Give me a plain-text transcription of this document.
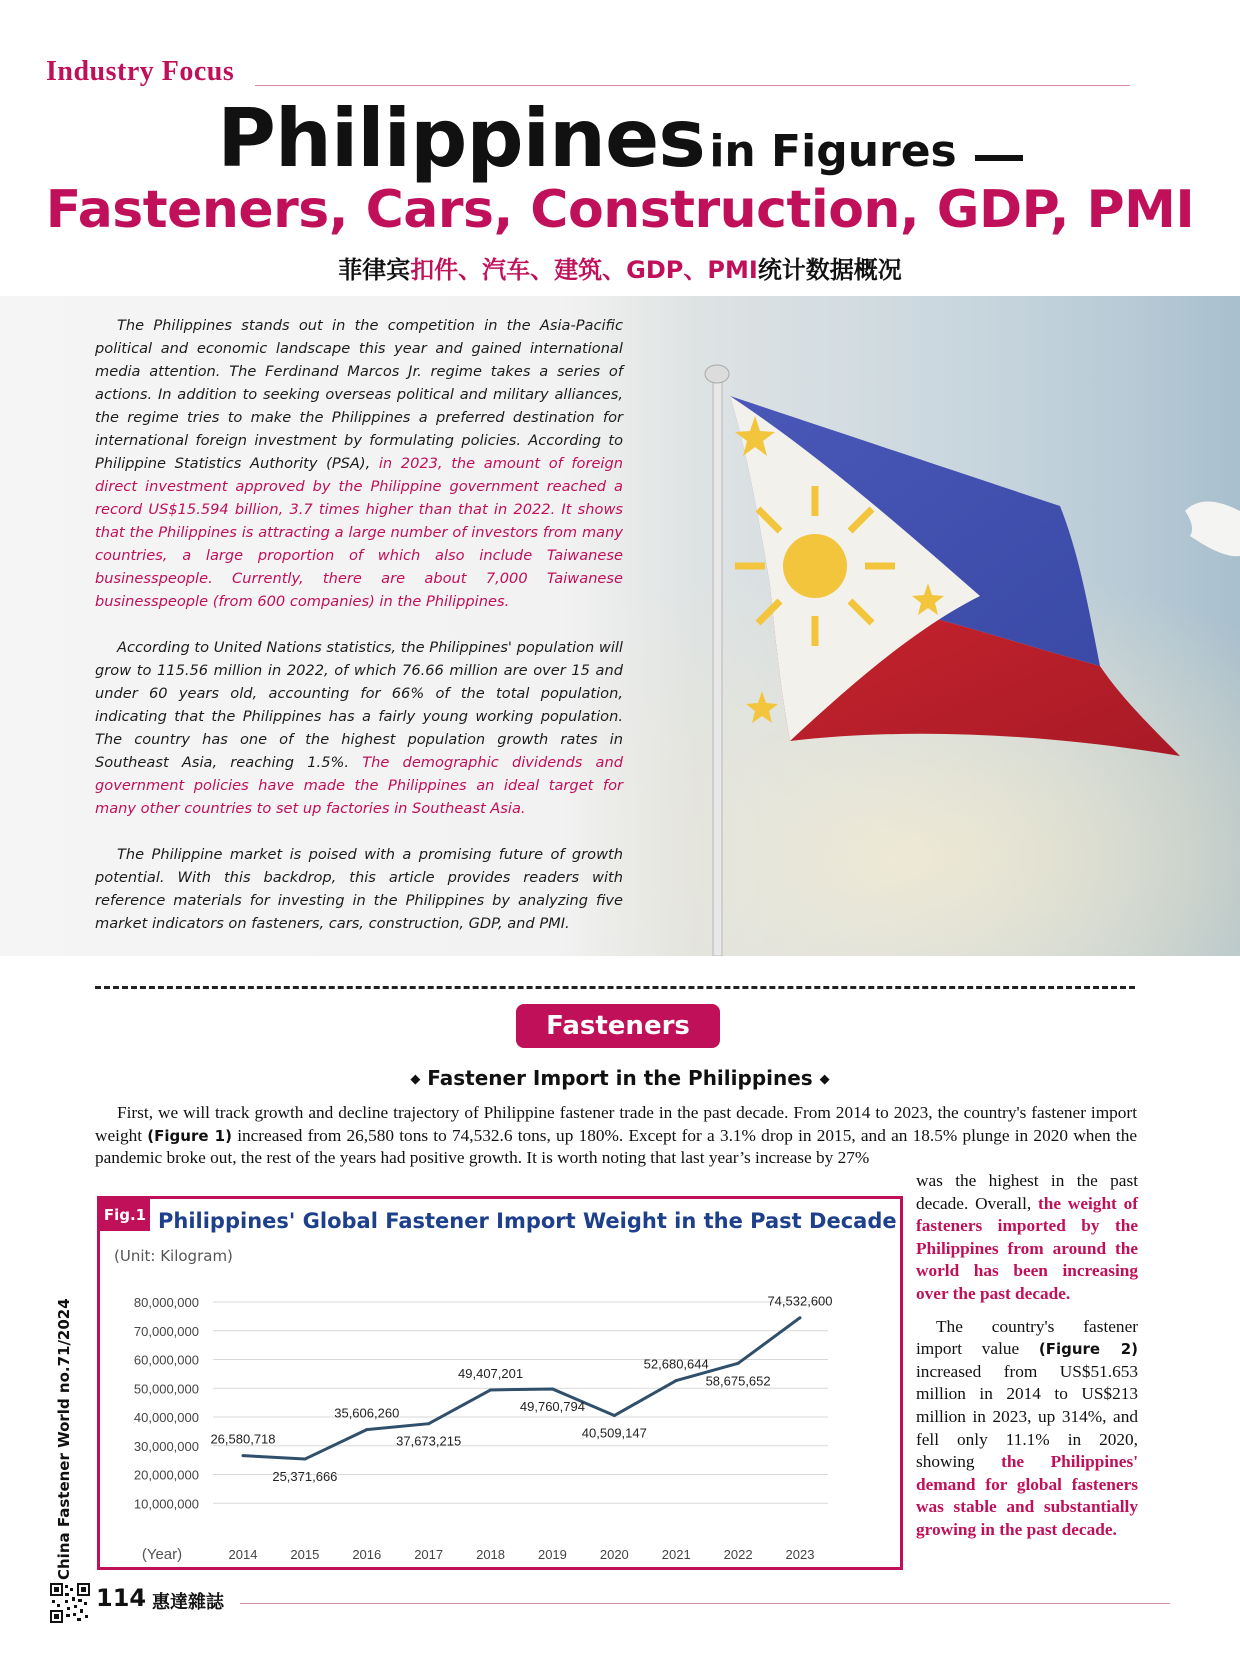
Industry Focus
Philippines in Figures
Fasteners, Cars, Construction, GDP, PMI
菲律宾扣件、汽车、建筑、GDP、PMI统计数据概况

The Philippines stands out in the competition in the Asia-Pacific political and economic landscape this year and gained international media attention. The Ferdinand Marcos Jr. regime takes a series of actions. In addition to seeking overseas political and military alliances, the regime tries to make the Philippines a preferred destination for international foreign investment by formulating policies. According to Philippine Statistics Authority (PSA), in 2023, the amount of foreign direct investment approved by the Philippine government reached a record US$15.594 billion, 3.7 times higher than that in 2022. It shows that the Philippines is attracting a large number of investors from many countries, a large proportion of which also include Taiwanese businesspeople. Currently, there are about 7,000 Taiwanese businesspeople (from 600 companies) in the Philippines.

According to United Nations statistics, the Philippines' population will grow to 115.56 million in 2022, of which 76.66 million are over 15 and under 60 years old, accounting for 66% of the total population, indicating that the Philippines has a fairly young working population. The country has one of the highest population growth rates in Southeast Asia, reaching 1.5%. The demographic dividends and government policies have made the Philippines an ideal target for many other countries to set up factories in Southeast Asia.

The Philippine market is poised with a promising future of growth potential. With this backdrop, this article provides readers with reference materials for investing in the Philippines by analyzing five market indicators on fasteners, cars, construction, GDP, and PMI.

Fasteners
◆ Fastener Import in the Philippines ◆

First, we will track growth and decline trajectory of Philippine fastener trade in the past decade. From 2014 to 2023, the country's fastener import weight (Figure 1) increased from 26,580 tons to 74,532.6 tons, up 180%. Except for a 3.1% drop in 2015, and an 18.5% plunge in 2020 when the pandemic broke out, the rest of the years had positive growth. It is worth noting that last year’s increase by 27%

was the highest in the past decade. Overall, the weight of fasteners imported by the Philippines from around the world has been increasing over the past decade.

The country's fastener import value (Figure 2) increased from US$51.653 million in 2014 to US$213 million in 2023, up 314%, and fell only 11.1% in 2020, showing the Philippines' demand for global fasteners was stable and substantially growing in the past decade.

Fig.1 Philippines' Global Fastener Import Weight in the Past Decade
(Unit: Kilogram)
10,000,000
20,000,000
30,000,000
40,000,000
50,000,000
60,000,000
70,000,000
80,000,000
2014	2015	2016	2017	2018	2019	2020	2021	2022	2023
(Year)
26,580,718
25,371,666
35,606,260
37,673,215
49,407,201
49,760,794
40,509,147
52,680,644
58,675,652
74,532,600
China Fastener World no.71/2024
114 惠達雜誌
